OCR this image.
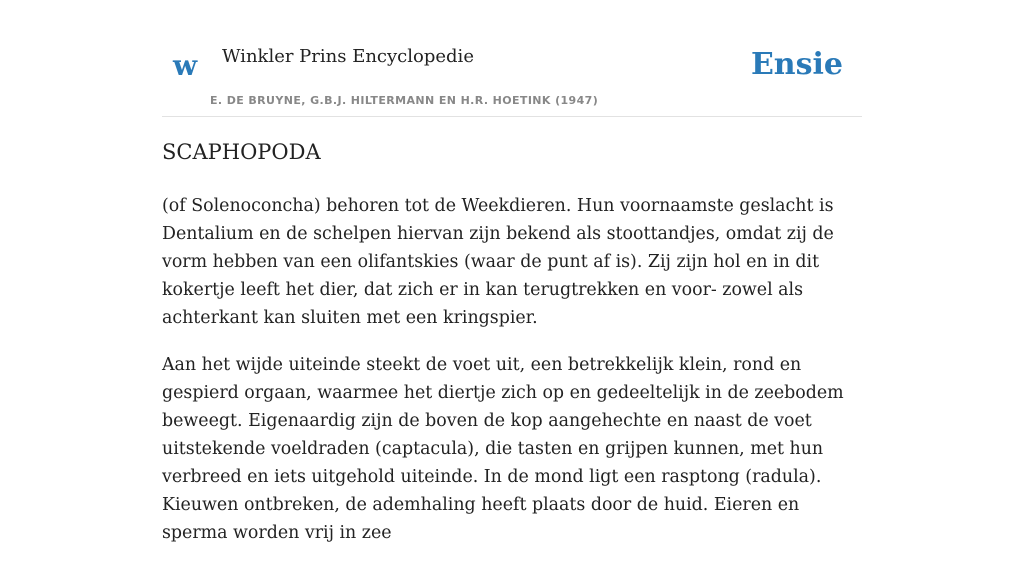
w Winkler Prins Encyclopedie
E. DE BRUYNE, G.B.J. HILTERMANN EN H.R. HOETINK (1947)
Ensie
SCAPHOPODA

(of Solenoconcha) behoren tot de Weekdieren. Hun voornaamste geslacht is Dentalium en de schelpen hiervan zijn bekend als stoottandjes, omdat zij de vorm hebben van een olifantskies (waar de punt af is). Zij zijn hol en in dit kokertje leeft het dier, dat zich er in kan terugtrekken en voor- zowel als achterkant kan sluiten met een kringspier.

Aan het wijde uiteinde steekt de voet uit, een betrekkelijk klein, rond en gespierd orgaan, waarmee het diertje zich op en gedeeltelijk in de zeebodem beweegt. Eigenaardig zijn de boven de kop aangehechte en naast de voet uitstekende voeldraden (captacula), die tasten en grijpen kunnen, met hun verbreed en iets uitgehold uiteinde. In de mond ligt een rasptong (radula). Kieuwen ontbreken, de ademhaling heeft plaats door de huid. Eieren en sperma worden vrij in zee
